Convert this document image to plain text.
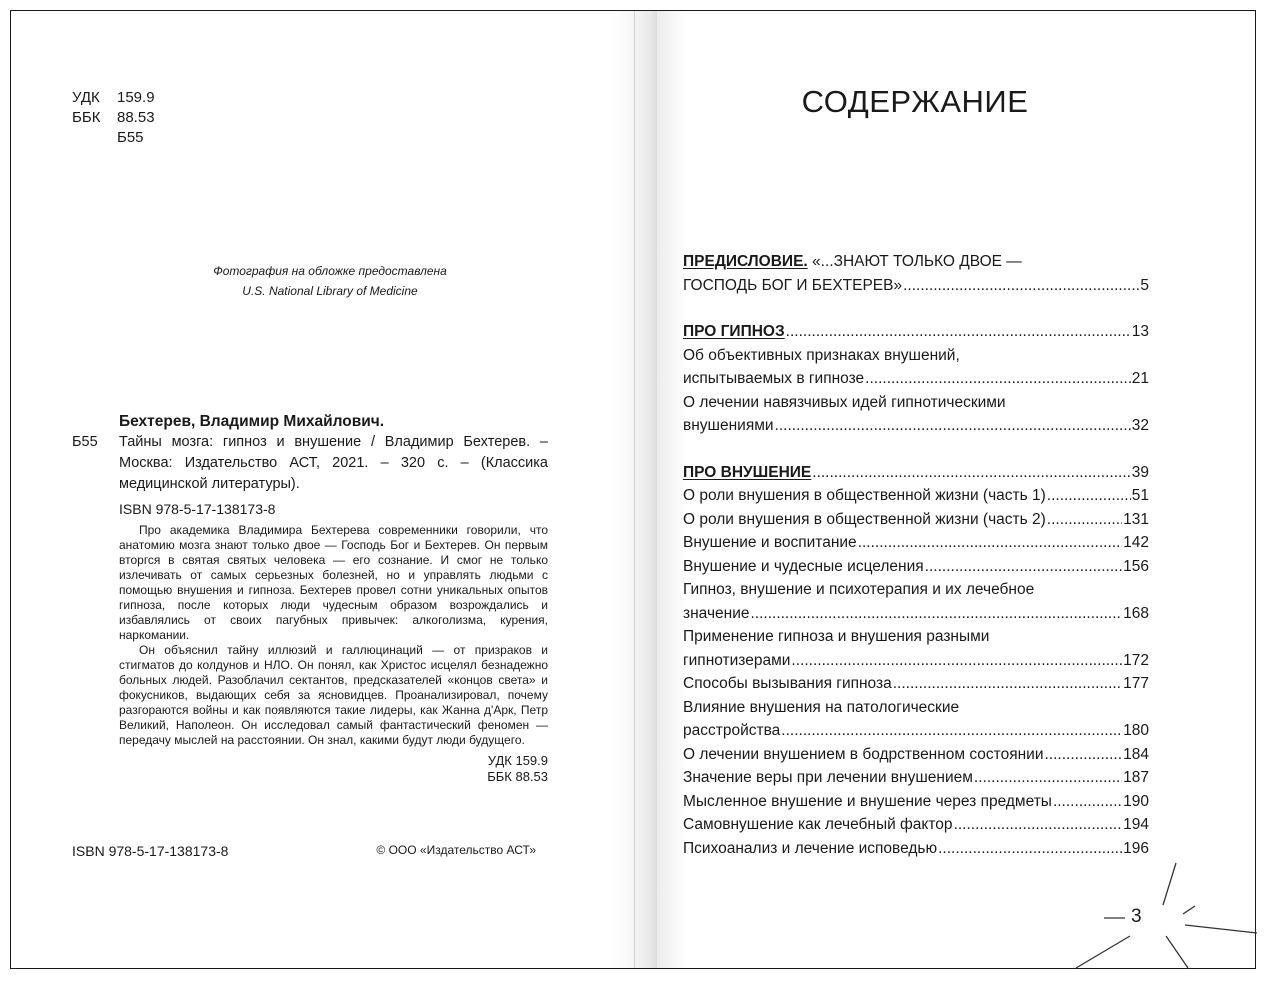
УДК	159.9
ББК	88.53
Б55
Фотография на обложке предоставлена
U.S. National Library of Medicine
Бехтерев, Владимир Михайлович.
Б55	Тайны мозга: гипноз и внушение / Владимир Бехтерев. – Москва: Издательство АСТ, 2021. – 320 с. – (Классика медицинской литературы).
ISBN 978-5-17-138173-8

Про академика Владимира Бехтерева современники говорили, что анатомию мозга знают только двое — Господь Бог и Бехтерев. Он первым вторгся в святая святых человека — его сознание. И смог не только излечивать от самых серьезных болезней, но и управлять людьми с помощью внушения и гипноза. Бехтерев провел сотни уникальных опытов гипноза, после которых люди чудесным образом возрождались и избавлялись от своих пагубных привычек: алкоголизма, курения, наркомании.

Он объяснил тайну иллюзий и галлюцинаций — от призраков и стигматов до колдунов и НЛО. Он понял, как Христос исцелял безнадежно больных людей. Разоблачил сектантов, предсказателей «концов света» и фокусников, выдающих себя за ясновидцев. Проанализировал, почему разгораются войны и как появляются такие лидеры, как Жанна д'Арк, Петр Великий, Наполеон. Он исследовал самый фантастический феномен — передачу мыслей на расстоянии. Он знал, какими будут люди будущего.

УДК 159.9
ББК 88.53
ISBN 978-5-17-138173-8	© ООО «Издательство АСТ»
СОДЕРЖАНИЕ
ПРЕДИСЛОВИЕ. «...ЗНАЮТ ТОЛЬКО ДВОЕ —
ГОСПОДЬ БОГ И БЕХТЕРЕВ» .....	5
ПРО ГИПНОЗ .....	13
Об объективных признаках внушений,
испытываемых в гипнозе .....	21
О лечении навязчивых идей гипнотическими
внушениями .....	32
ПРО ВНУШЕНИЕ .....	39
О роли внушения в общественной жизни (часть 1) .....	51
О роли внушения в общественной жизни (часть 2) .....	131
Внушение и воспитание .....	142
Внушение и чудесные исцеления .....	156
Гипноз, внушение и психотерапия и их лечебное
значение .....	168
Применение гипноза и внушения разными
гипнотизерами .....	172
Способы вызывания гипноза .....	177
Влияние внушения на патологические
расстройства .....	180
О лечении внушением в бодрственном состоянии .....	184
Значение веры при лечении внушением .....	187
Мысленное внушение и внушение через предметы .....	190
Самовнушение как лечебный фактор .....	194
Психоанализ и лечение исповедью .....	196
3
